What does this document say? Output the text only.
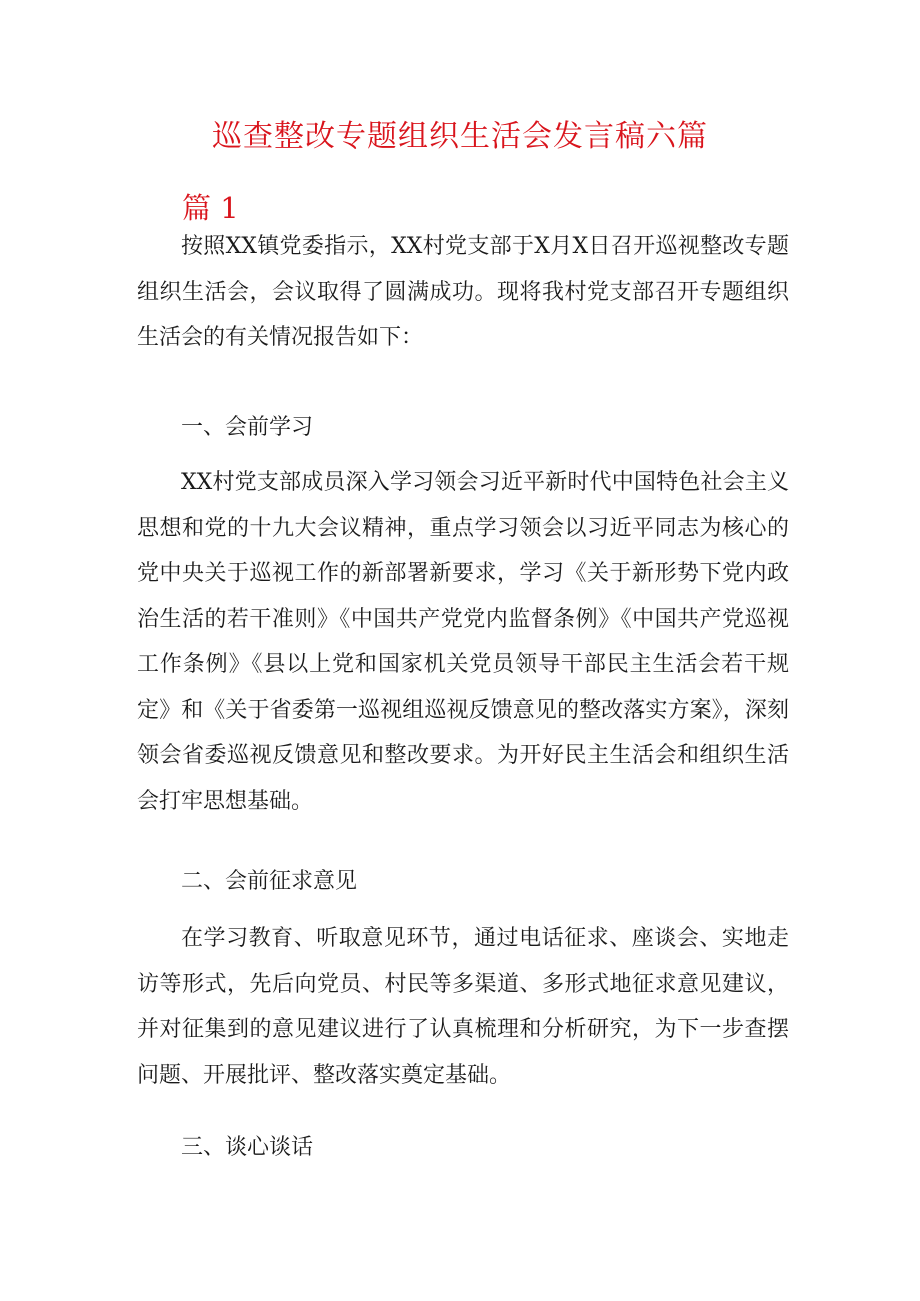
巡查整改专题组织生活会发言稿六篇
篇 1

按照XX镇党委指示，XX村党支部于X月X日召开巡视整改专题组织生活会，会议取得了圆满成功。现将我村党支部召开专题组织生活会的有关情况报告如下：

一、会前学习

XX村党支部成员深入学习领会习近平新时代中国特色社会主义思想和党的十九大会议精神，重点学习领会以习近平同志为核心的党中央关于巡视工作的新部署新要求，学习《关于新形势下党内政治生活的若干准则》《中国共产党党内监督条例》《中国共产党巡视工作条例》《县以上党和国家机关党员领导干部民主生活会若干规定》和《关于省委第一巡视组巡视反馈意见的整改落实方案》，深刻领会省委巡视反馈意见和整改要求。为开好民主生活会和组织生活会打牢思想基础。

二、会前征求意见

在学习教育、听取意见环节，通过电话征求、座谈会、实地走访等形式，先后向党员、村民等多渠道、多形式地征求意见建议，并对征集到的意见建议进行了认真梳理和分析研究，为下一步查摆问题、开展批评、整改落实奠定基础。

三、谈心谈话
